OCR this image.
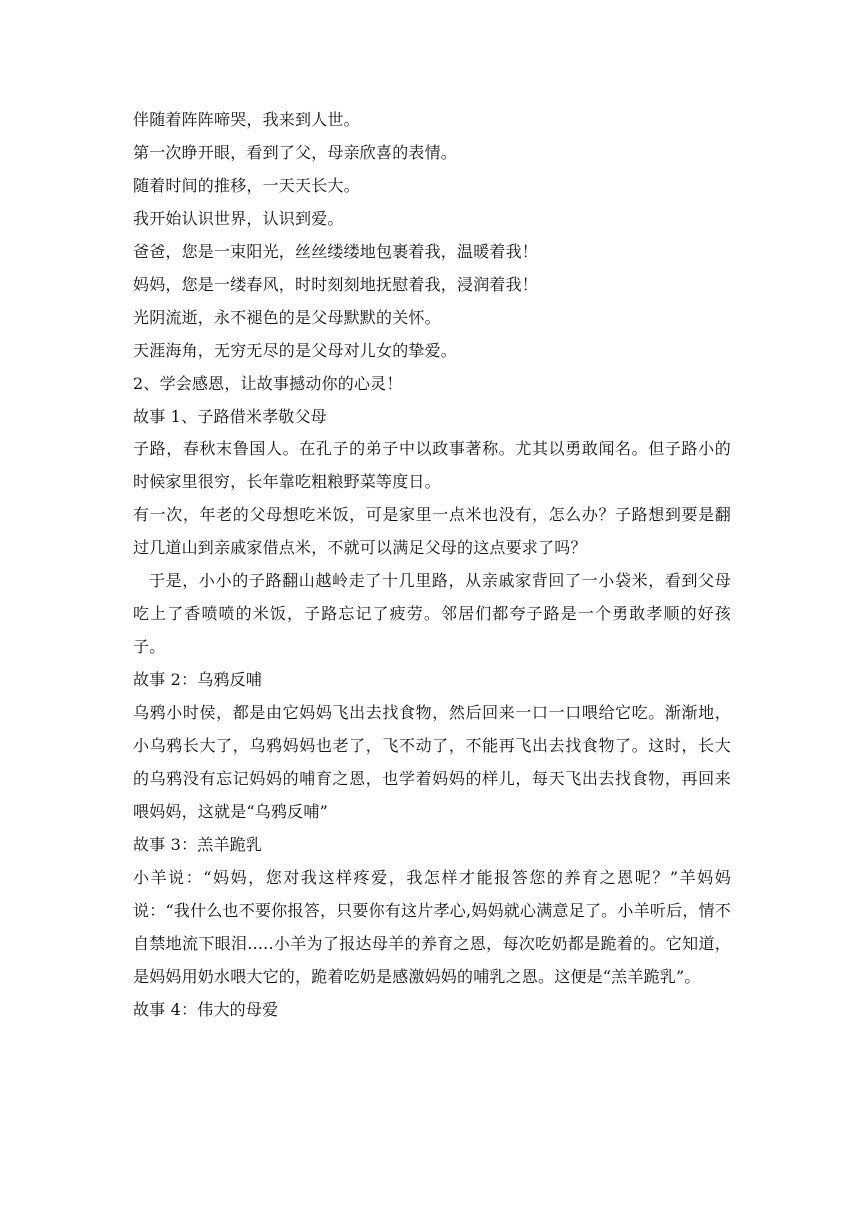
伴随着阵阵啼哭，我来到人世。
第一次睁开眼，看到了父，母亲欣喜的表情。
随着时间的推移，一天天长大。
我开始认识世界，认识到爱。
爸爸，您是一束阳光，丝丝缕缕地包裹着我，温暖着我！
妈妈，您是一缕春风，时时刻刻地抚慰着我，浸润着我！
光阴流逝，永不褪色的是父母默默的关怀。
天涯海角，无穷无尽的是父母对儿女的挚爱。
2、学会感恩，让故事撼动你的心灵！
故事 1、子路借米孝敬父母
子路，春秋末鲁国人。在孔子的弟子中以政事著称。尤其以勇敢闻名。但子路小的时候家里很穷，长年靠吃粗粮野菜等度日。
有一次，年老的父母想吃米饭，可是家里一点米也没有，怎么办？子路想到要是翻过几道山到亲戚家借点米，不就可以满足父母的这点要求了吗？
于是，小小的子路翻山越岭走了十几里路，从亲戚家背回了一小袋米，看到父母吃上了香喷喷的米饭，子路忘记了疲劳。邻居们都夸子路是一个勇敢孝顺的好孩子。
故事 2：乌鸦反哺
乌鸦小时侯，都是由它妈妈飞出去找食物，然后回来一口一口喂给它吃。渐渐地，小乌鸦长大了，乌鸦妈妈也老了，飞不动了，不能再飞出去找食物了。这时，长大的乌鸦没有忘记妈妈的哺育之恩，也学着妈妈的样儿，每天飞出去找食物，再回来喂妈妈，这就是“乌鸦反哺”
故事 3：羔羊跪乳
小羊说：“妈妈，您对我这样疼爱，我怎样才能报答您的养育之恩呢？”羊妈妈说：“我什么也不要你报答，只要你有这片孝心,妈妈就心满意足了。小羊听后，情不自禁地流下眼泪.....小羊为了报达母羊的养育之恩，每次吃奶都是跪着的。它知道，是妈妈用奶水喂大它的，跪着吃奶是感激妈妈的哺乳之恩。这便是“羔羊跪乳”。
故事 4：伟大的母爱
